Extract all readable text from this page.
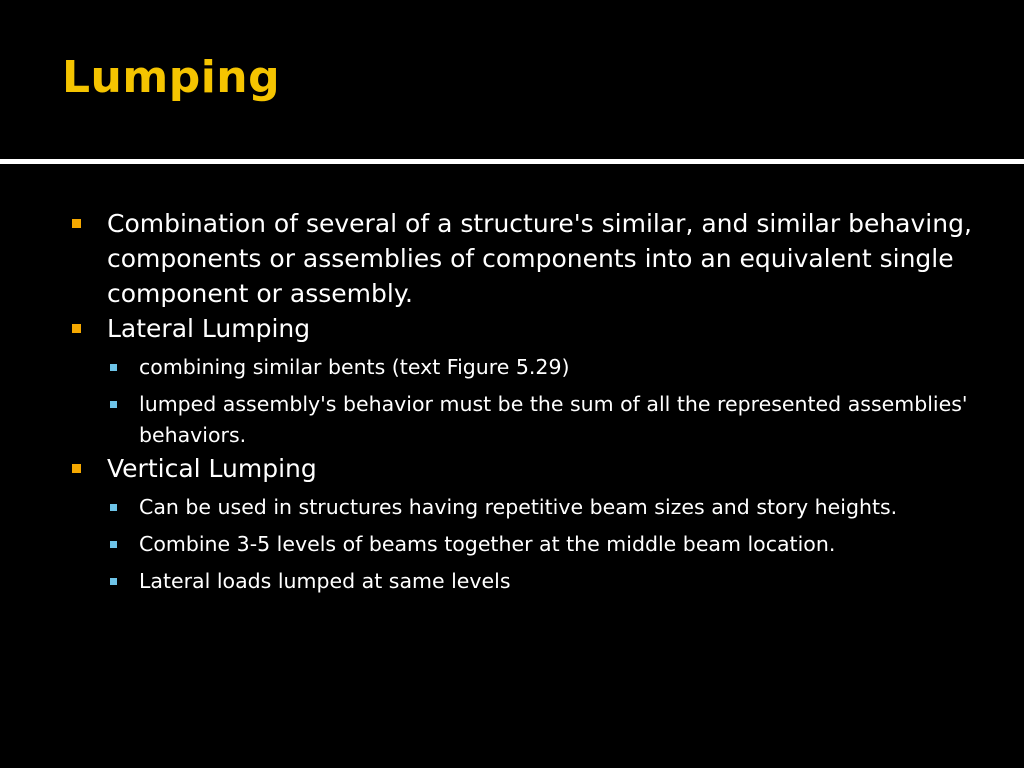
Lumping
Combination of several of a structure's similar, and similar behaving, components or assemblies of components into an equivalent single component or assembly.
Lateral Lumping
combining similar bents (text Figure 5.29)
lumped assembly's behavior must be the sum of all the represented assemblies' behaviors.
Vertical Lumping
Can be used in structures having repetitive beam sizes and story heights.
Combine 3-5 levels of beams together at the middle beam location.
Lateral loads lumped at same levels
